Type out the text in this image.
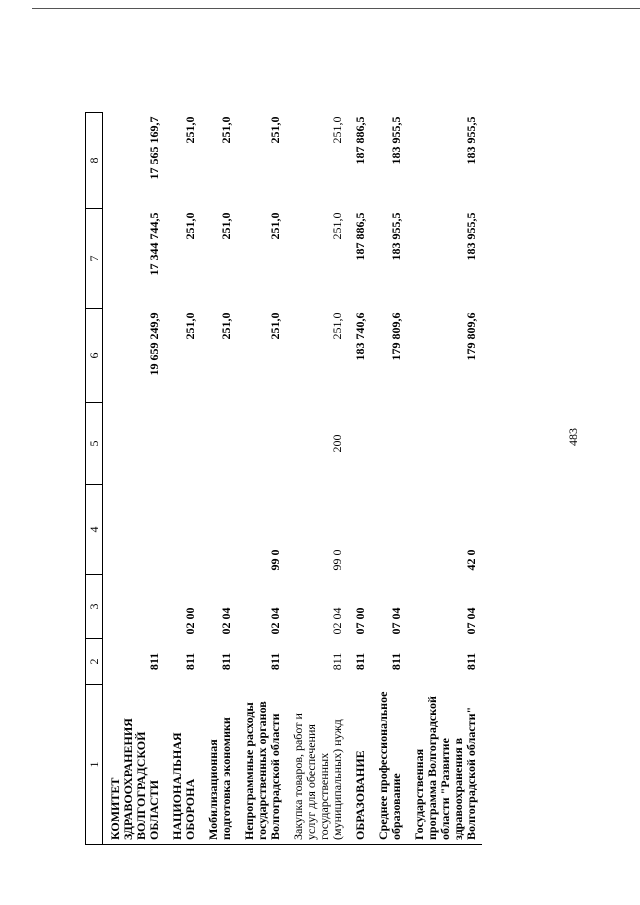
483
1	2	3	4	5	6	7	8
КОМИТЕТ ЗДРАВООХРАНЕНИЯ ВОЛГОГРАДСКОЙ ОБЛАСТИ	811				19 659 249,9	17 344 744,5	17 565 169,7
НАЦИОНАЛЬНАЯ ОБОРОНА	811	02 00			251,0	251,0	251,0
Мобилизационная подготовка экономики	811	02 04			251,0	251,0	251,0
Непрограммные расходы государственных органов Волгоградской области	811	02 04	99 0		251,0	251,0	251,0
Закупка товаров, работ и услуг для обеспечения государственных (муниципальных) нужд	811	02 04	99 0	200	251,0	251,0	251,0
ОБРАЗОВАНИЕ	811	07 00			183 740,6	187 886,5	187 886,5
Среднее профессиональное образование	811	07 04			179 809,6	183 955,5	183 955,5
Государственная программа Волгоградской области "Развитие здравоохранения в Волгоградской области"	811	07 04	42 0		179 809,6	183 955,5	183 955,5
